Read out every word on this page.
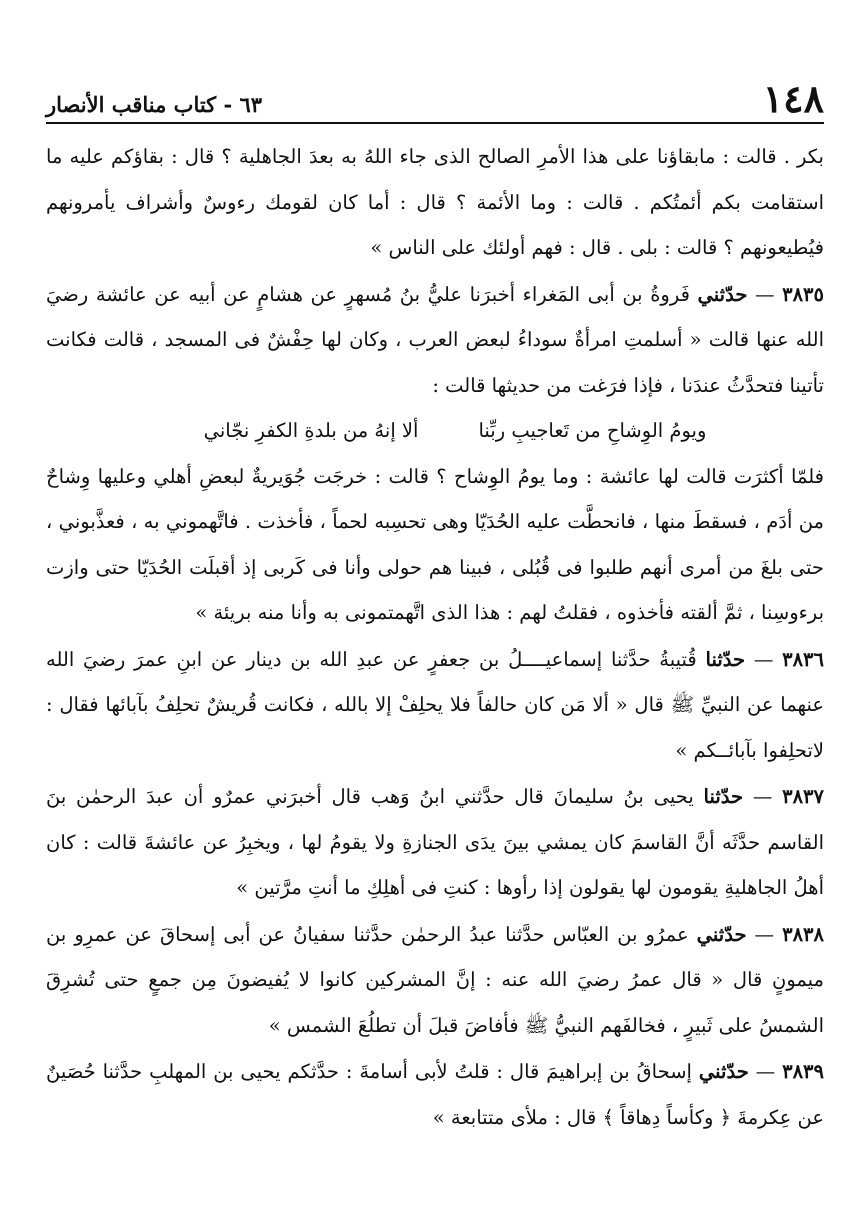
١٤٨
٦٣ - كتاب مناقب الأنصار

بكر . قالت : مابقاؤنا على هذا الأمرِ الصالح الذى جاء اللهُ به بعدَ الجاهلية ؟ قال : بقاؤكم عليه ما استقامت بكم أئمتُكم . قالت : وما الأئمة ؟ قال : أما كان لقومك رءوسٌ وأشراف يأمرونهم فيُطيعونهم ؟ قالت : بلى . قال : فهم أولئك على الناس »

٣٨٣٥ — حدّثني فَروةُ بن أبى المَغراء أخبرَنا عليُّ بنُ مُسهرٍ عن هشامٍ عن أبيه عن عائشة رضيَ الله عنها قالت « أسلمتِ امرأةٌ سوداءُ لبعض العرب ، وكان لها حِفْشٌ فى المسجد ، قالت فكانت تأتينا فتحدَّثُ عندَنا ، فإذا فرَغت من حديثها قالت :

ويومُ الوِشاحِ من تَعاجيبِ ربِّنا
ألا إنهُ من بلدةِ الكفرِ نجّاني

فلمّا أكثرَت قالت لها عائشة : وما يومُ الوِشاح ؟ قالت : خرجَت جُوَيريةٌ لبعضِ أهلي وعليها وِشاحٌ من أدَم ، فسقطَ منها ، فانحطَّت عليه الحُدَيّا وهى تحسِبه لحماً ، فأخذت . فاتَّهموني به ، فعذَّبوني ، حتى بلغَ من أمرى أنهم طلبوا فى قُبُلى ، فبينا هم حولى وأنا فى كَربى إذ أقبلَت الحُدَيّا حتى وازت برءوسِنا ، ثمَّ ألقته فأخذوه ، فقلتُ لهم : هذا الذى اتَّهمتمونى به وأنا منه بريئة »

٣٨٣٦ — حدّثنا قُتيبةُ حدَّثنا إسماعيــــلُ بن جعفرٍ عن عبدِ الله بن دينار عن ابنِ عمرَ رضيَ الله عنهما عن النبيِّ ﷺ قال « ألا مَن كان حالفاً فلا يحلِفْ إلا بالله ، فكانت قُريشٌ تحلِفُ بآبائها فقال : لاتحلِفوا بآبائــكم »

٣٨٣٧ — حدّثنا يحيى بنُ سليمانَ قال حدَّثني ابنُ وَهب قال أخبرَني عمرٌو أن عبدَ الرحمٰن بنَ القاسم حدَّثَه أنَّ القاسمَ كان يمشي بينَ يدَى الجنازةِ ولا يقومُ لها ، ويخبِرُ عن عائشةَ قالت : كان أهلُ الجاهليةِ يقومون لها يقولون إذا رأوها : كنتِ فى أهلِكِ ما أنتِ مرَّتين »

٣٨٣٨ — حدّثني عمرُو بن العبّاس حدَّثنا عبدُ الرحمٰن حدَّثنا سفيانُ عن أبى إسحاقَ عن عمرِو بن ميمونٍ قال « قال عمرُ رضيَ الله عنه : إنَّ المشركين كانوا لا يُفيضونَ مِن جمعٍ حتى تُشرِقَ الشمسُ على ثَبيرٍ ، فخالفَهم النبيُّ ﷺ فأفاضَ قبلَ أن تطلُعَ الشمس »

٣٨٣٩ — حدّثني إسحاقُ بن إبراهيمَ قال : قلتُ لأبى أسامةَ : حدَّثكم يحيى بن المهلبِ حدَّثنا حُصَينٌ عن عِكرمةَ ﴿ وكأساً دِهاقاً ﴾ قال : ملأى متتابعة »
